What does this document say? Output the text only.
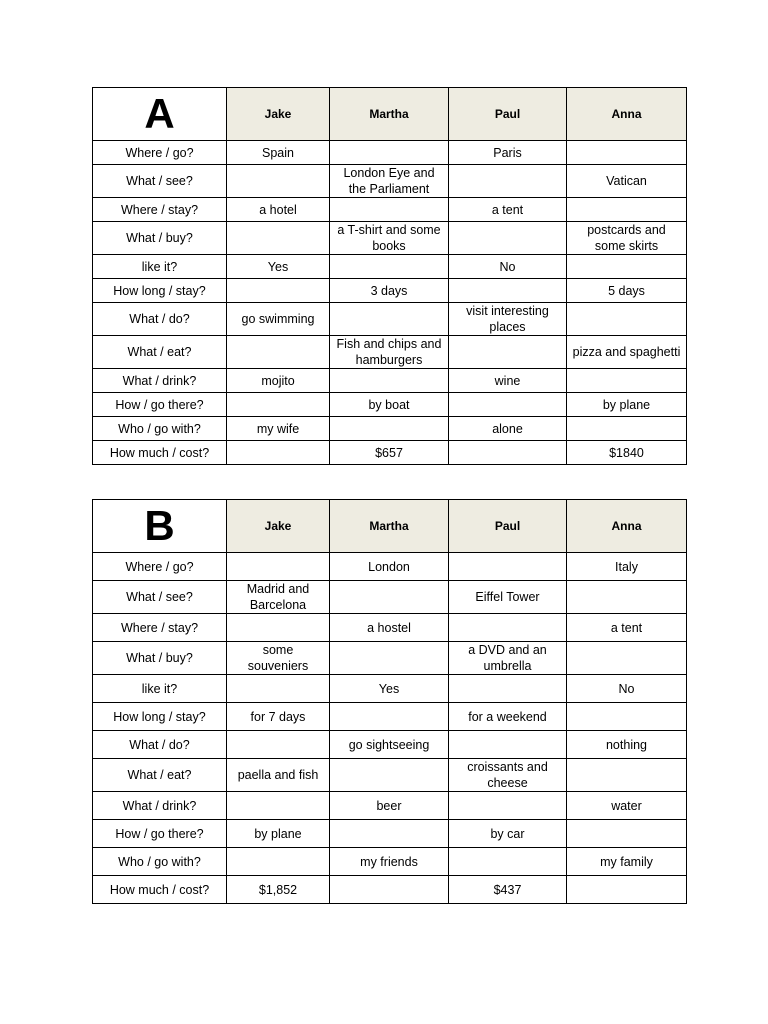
A	Jake	Martha	Paul	Anna
Where / go?	Spain		Paris	
What / see?		London Eye and the Parliament		Vatican
Where / stay?	a hotel		a tent	
What / buy?		a T-shirt and some books		postcards and some skirts
like it?	Yes		No	
How long / stay?		3 days		5 days
What / do?	go swimming		visit interesting places	
What / eat?		Fish and chips and hamburgers		pizza and spaghetti
What / drink?	mojito		wine	
How / go there?		by boat		by plane
Who / go with?	my wife		alone	
How much / cost?		$657		$1840
B	Jake	Martha	Paul	Anna
Where / go?		London		Italy
What / see?	Madrid and Barcelona		Eiffel Tower	
Where / stay?		a hostel		a tent
What / buy?	some souveniers		a DVD and an umbrella	
like it?		Yes		No
How long / stay?	for 7 days		for a weekend	
What / do?		go sightseeing		nothing
What / eat?	paella and fish		croissants and cheese	
What / drink?		beer		water
How / go there?	by plane		by car	
Who / go with?		my friends		my family
How much / cost?	$1,852		$437	
